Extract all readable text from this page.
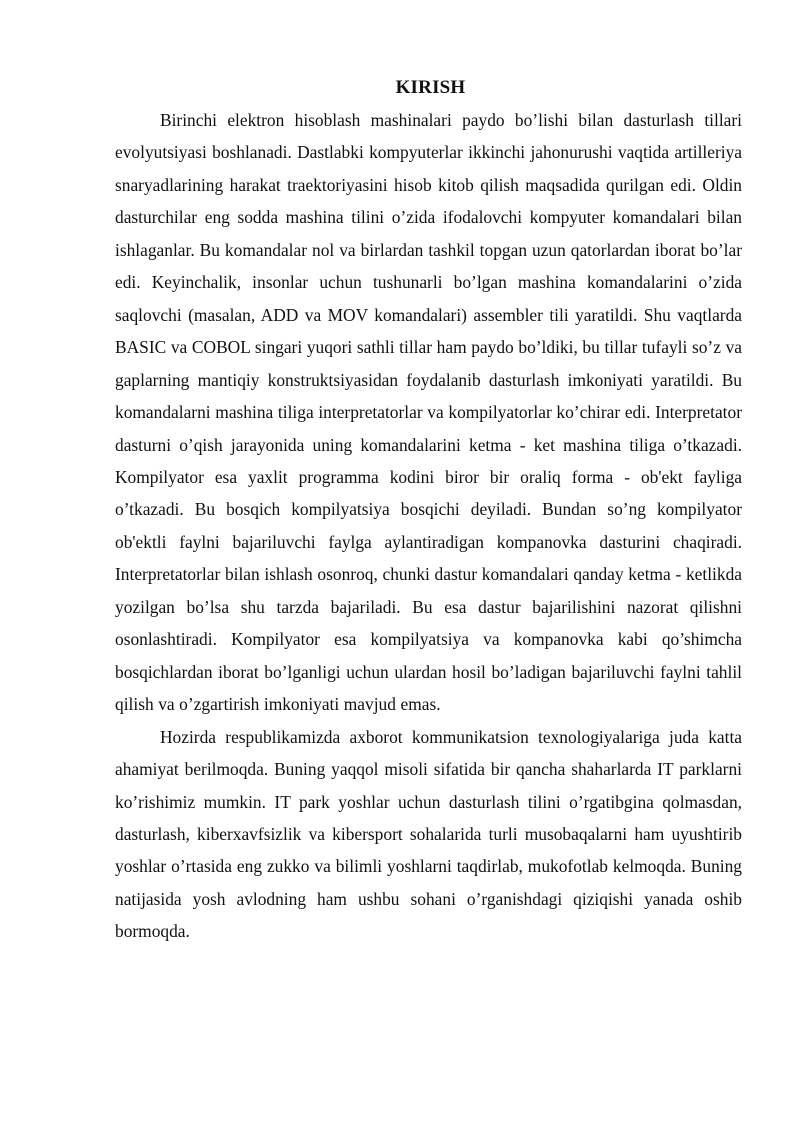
KIRISH

Birinchi elektron hisoblash mashinalari paydo bo’lishi bilan dasturlash tillari evolyutsiyasi boshlanadi. Dastlabki kompyuterlar ikkinchi jahonurushi vaqtida artilleriya snaryadlarining harakat traektoriyasini hisob kitob qilish maqsadida qurilgan edi. Oldin dasturchilar eng sodda mashina tilini o’zida ifodalovchi kompyuter komandalari bilan ishlaganlar. Bu komandalar nol va birlardan tashkil topgan uzun qatorlardan iborat bo’lar edi. Keyinchalik, insonlar uchun tushunarli bo’lgan mashina komandalarini o’zida saqlovchi (masalan, ADD va MOV komandalari) assembler tili yaratildi. Shu vaqtlarda BASIC va COBOL singari yuqori sathli tillar ham paydo bo’ldiki, bu tillar tufayli so’z va gaplarning mantiqiy konstruktsiyasidan foydalanib dasturlash imkoniyati yaratildi. Bu komandalarni mashina tiliga interpretatorlar va kompilyatorlar ko’chirar edi. Interpretator dasturni o’qish jarayonida uning komandalarini ketma - ket mashina tiliga o’tkazadi. Kompilyator esa yaxlit programma kodini biror bir oraliq forma - ob'ekt fayliga o’tkazadi. Bu bosqich kompilyatsiya bosqichi deyiladi. Bundan so’ng kompilyator ob'ektli faylni bajariluvchi faylga aylantiradigan kompanovka dasturini chaqiradi. Interpretatorlar bilan ishlash osonroq, chunki dastur komandalari qanday ketma - ketlikda yozilgan bo’lsa shu tarzda bajariladi. Bu esa dastur bajarilishini nazorat qilishni osonlashtiradi. Kompilyator esa kompilyatsiya va kompanovka kabi qo’shimcha bosqichlardan iborat bo’lganligi uchun ulardan hosil bo’ladigan bajariluvchi faylni tahlil qilish va o’zgartirish imkoniyati mavjud emas.

Hozirda respublikamizda axborot kommunikatsion texnologiyalariga juda katta ahamiyat berilmoqda. Buning yaqqol misoli sifatida bir qancha shaharlarda IT parklarni ko’rishimiz mumkin. IT park yoshlar uchun dasturlash tilini o’rgatibgina qolmasdan, dasturlash, kiberxavfsizlik va kibersport sohalarida turli musobaqalarni ham uyushtirib yoshlar o’rtasida eng zukko va bilimli yoshlarni taqdirlab, mukofotlab kelmoqda. Buning natijasida yosh avlodning ham ushbu sohani o’rganishdagi qiziqishi yanada oshib bormoqda.
